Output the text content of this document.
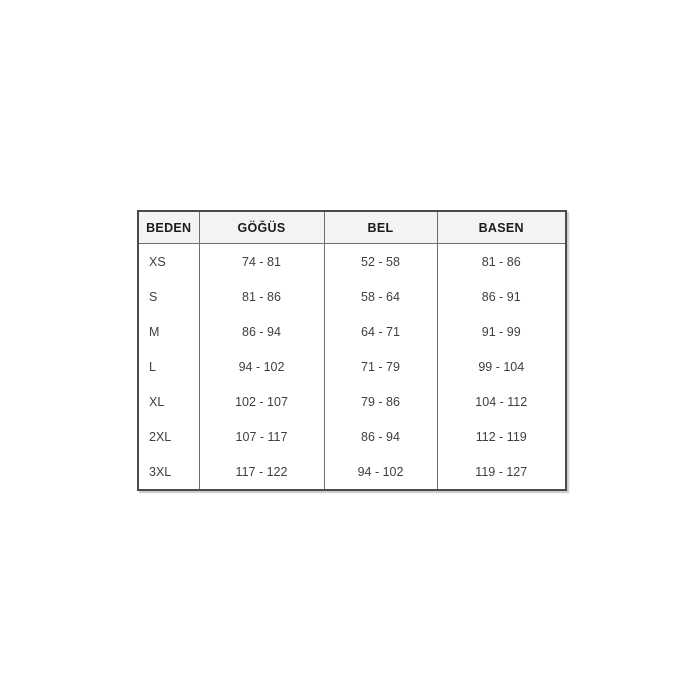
BEDEN	GÖĞÜS	BEL	BASEN
XS	74 - 81	52 - 58	81 - 86
S	81 - 86	58 - 64	86 - 91
M	86 - 94	64 - 71	91 - 99
L	94 - 102	71 - 79	99 - 104
XL	102 - 107	79 - 86	104 - 112
2XL	107 - 117	86 - 94	112 - 119
3XL	117 - 122	94 - 102	119 - 127
